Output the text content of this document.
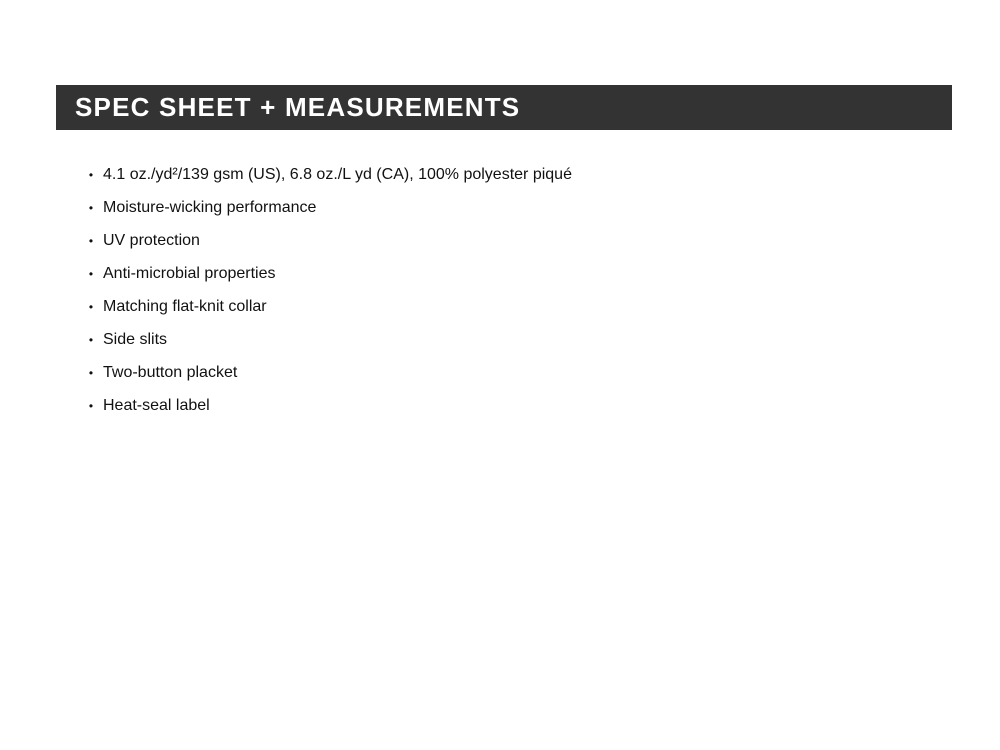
SPEC SHEET + MEASUREMENTS
• 4.1 oz./yd²/139 gsm (US), 6.8 oz./L yd (CA), 100% polyester piqué
• Moisture-wicking performance
• UV protection
• Anti-microbial properties
• Matching flat-knit collar
• Side slits
• Two-button placket
• Heat-seal label
